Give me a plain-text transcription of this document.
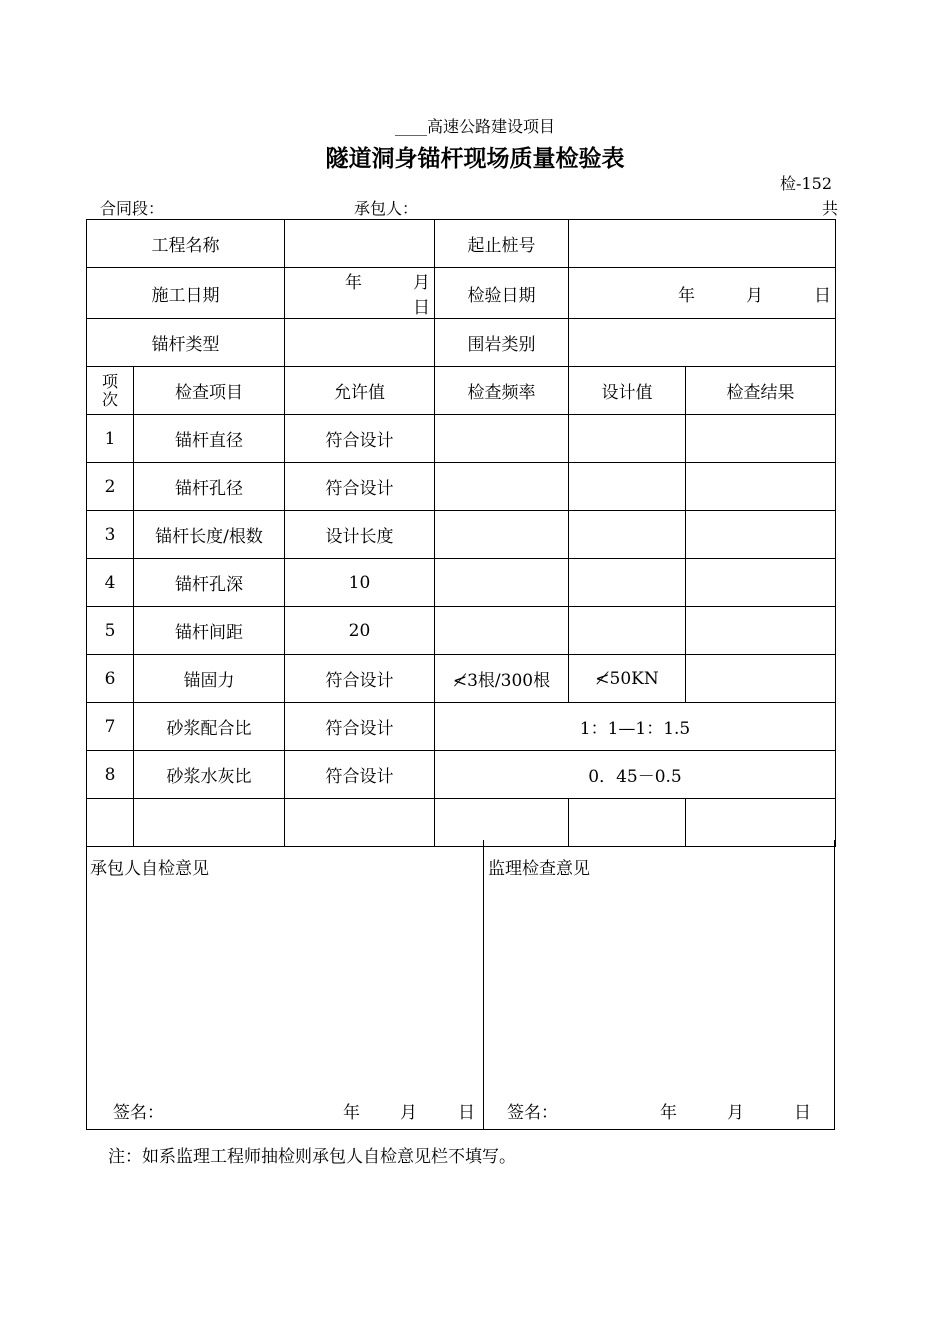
____高速公路建设项目
隧道洞身锚杆现场质量检验表
检-152
合同段：	承包人：	共
工程名称			起止桩号		
施工日期		年　　　月　　　日	检验日期	年　　　月　　　日	
锚杆类型			围岩类别		
项次	检查项目	允许值	检查频率	设计值	检查结果
1	锚杆直径	符合设计			
2	锚杆孔径	符合设计			
3	锚杆长度/根数	设计长度			
4	锚杆孔深	10			
5	锚杆间距	20			
6	锚固力	符合设计	≮3根/300根	≮50KN	
7	砂浆配合比	符合设计	1：1—1：1.5		
8	砂浆水灰比	符合设计	0．45－0.5		

承包人自检意见	监理检查意见
签名：	年 月 日 签名：	年	月	日
注：如系监理工程师抽检则承包人自检意见栏不填写。
